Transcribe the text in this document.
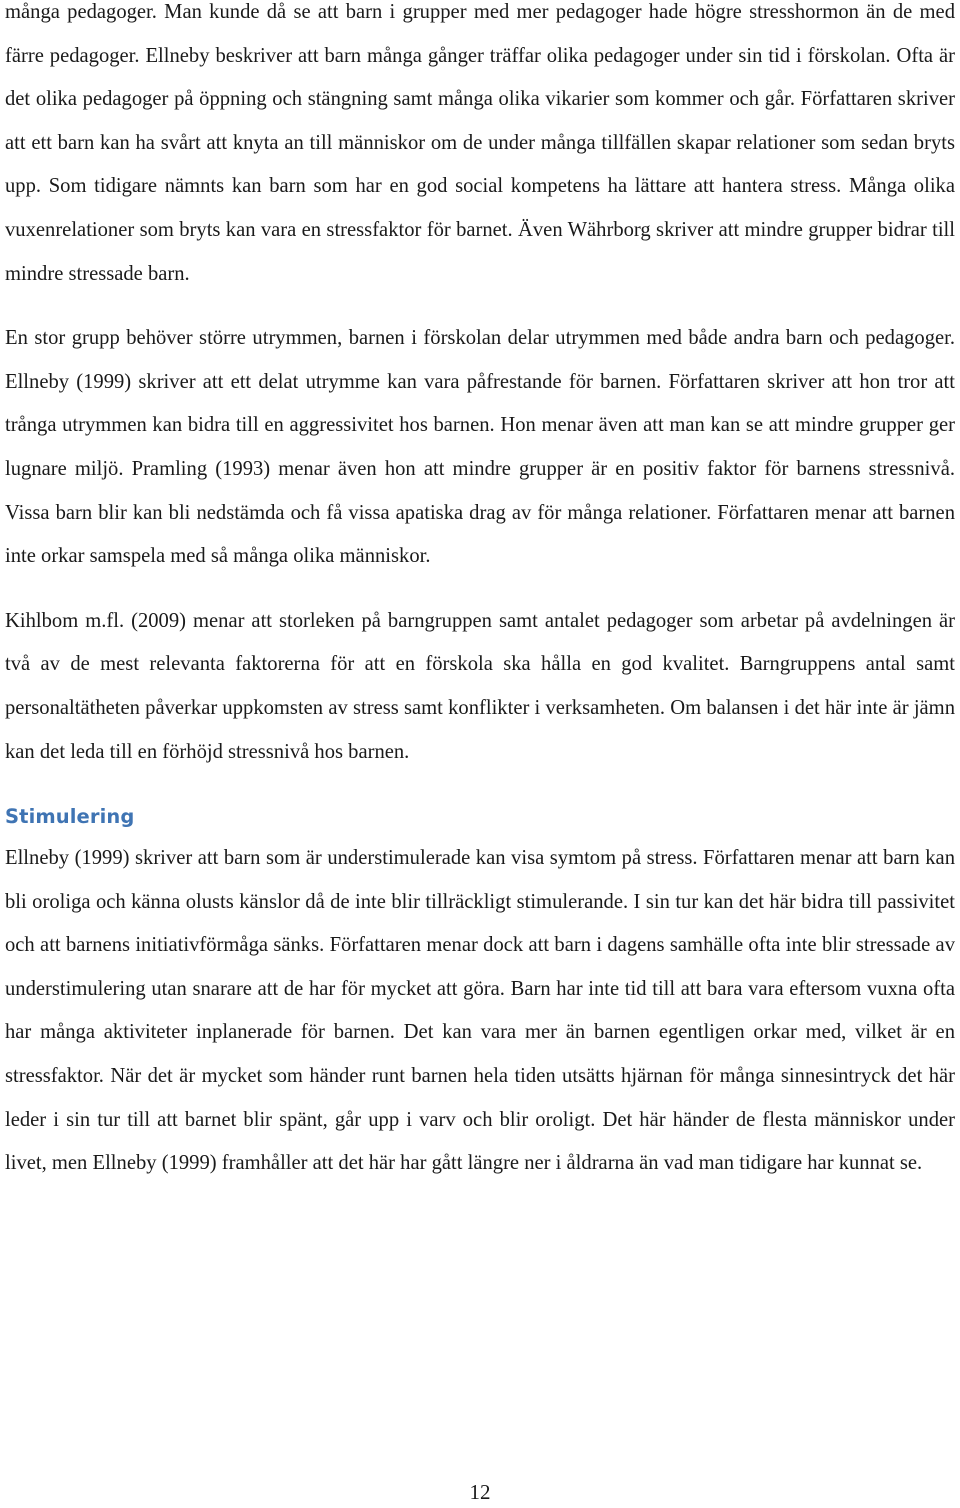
många pedagoger. Man kunde då se att barn i grupper med mer pedagoger hade högre stresshormon än de med färre pedagoger. Ellneby beskriver att barn många gånger träffar olika pedagoger under sin tid i förskolan. Ofta är det olika pedagoger på öppning och stängning samt många olika vikarier som kommer och går. Författaren skriver att ett barn kan ha svårt att knyta an till människor om de under många tillfällen skapar relationer som sedan bryts upp. Som tidigare nämnts kan barn som har en god social kompetens ha lättare att hantera stress. Många olika vuxenrelationer som bryts kan vara en stressfaktor för barnet. Även Währborg skriver att mindre grupper bidrar till mindre stressade barn.

En stor grupp behöver större utrymmen, barnen i förskolan delar utrymmen med både andra barn och pedagoger. Ellneby (1999) skriver att ett delat utrymme kan vara påfrestande för barnen. Författaren skriver att hon tror att trånga utrymmen kan bidra till en aggressivitet hos barnen. Hon menar även att man kan se att mindre grupper ger lugnare miljö. Pramling (1993) menar även hon att mindre grupper är en positiv faktor för barnens stressnivå. Vissa barn blir kan bli nedstämda och få vissa apatiska drag av för många relationer. Författaren menar att barnen inte orkar samspela med så många olika människor.

Kihlbom m.fl. (2009) menar att storleken på barngruppen samt antalet pedagoger som arbetar på avdelningen är två av de mest relevanta faktorerna för att en förskola ska hålla en god kvalitet. Barngruppens antal samt personaltätheten påverkar uppkomsten av stress samt konflikter i verksamheten. Om balansen i det här inte är jämn kan det leda till en förhöjd stressnivå hos barnen.

Stimulering

Ellneby (1999) skriver att barn som är understimulerade kan visa symtom på stress. Författaren menar att barn kan bli oroliga och känna olusts känslor då de inte blir tillräckligt stimulerande. I sin tur kan det här bidra till passivitet och att barnens initiativförmåga sänks. Författaren menar dock att barn i dagens samhälle ofta inte blir stressade av understimulering utan snarare att de har för mycket att göra. Barn har inte tid till att bara vara eftersom vuxna ofta har många aktiviteter inplanerade för barnen. Det kan vara mer än barnen egentligen orkar med, vilket är en stressfaktor. När det är mycket som händer runt barnen hela tiden utsätts hjärnan för många sinnesintryck det här leder i sin tur till att barnet blir spänt, går upp i varv och blir oroligt. Det här händer de flesta människor under livet, men Ellneby (1999) framhåller att det här har gått längre ner i åldrarna än vad man tidigare har kunnat se.

12
